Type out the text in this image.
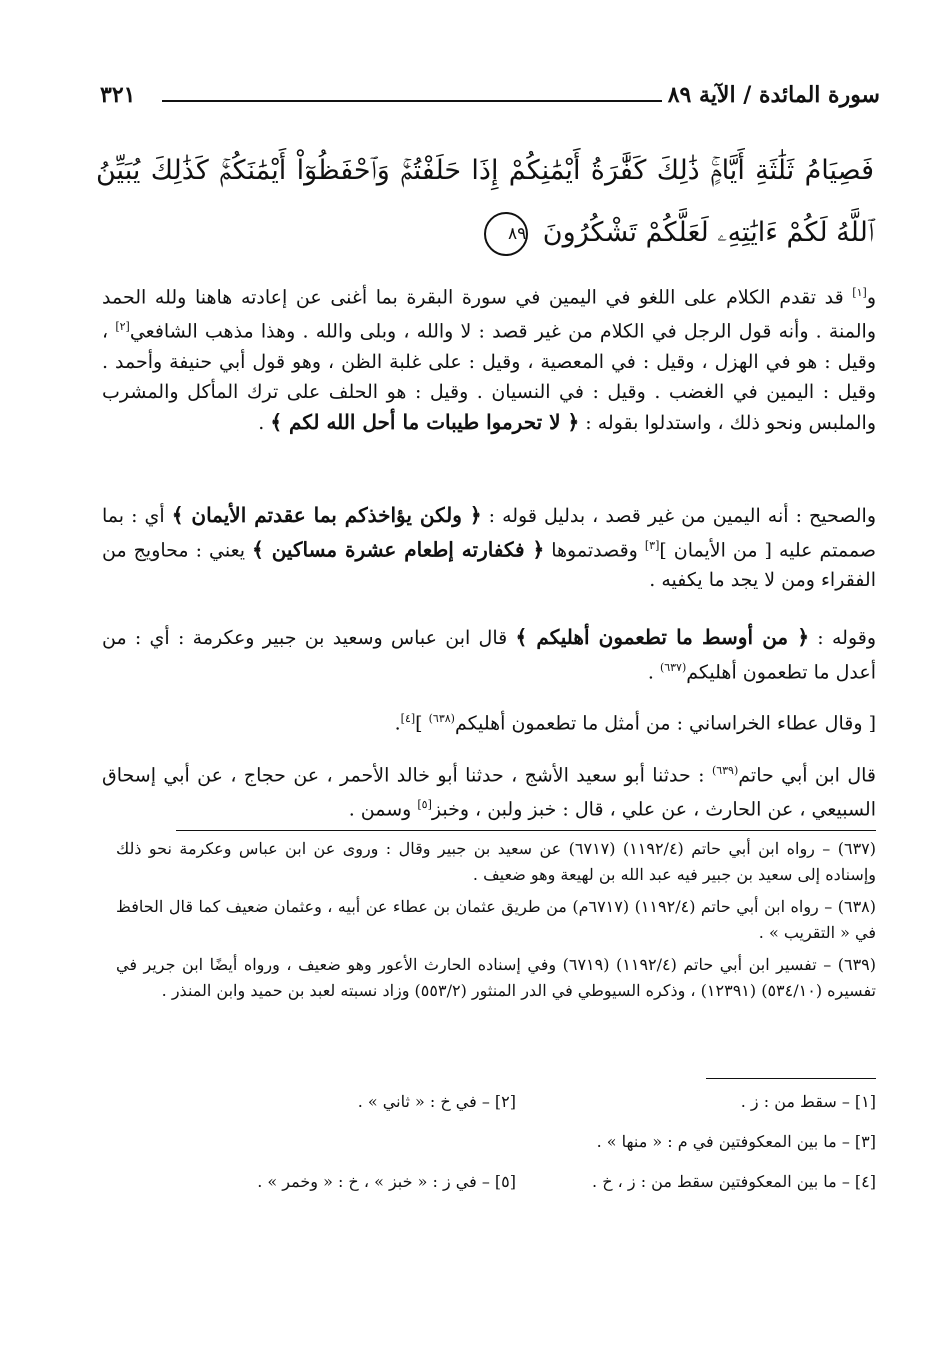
سورة المائدة / الآية ٨٩
٣٢١
فَصِيَامُ ثَلَٰثَةِ أَيَّامٍۚ ذَٰلِكَ كَفَّٰرَةُ أَيْمَٰنِكُمْ إِذَا حَلَفْتُمْۚ وَٱحْفَظُوٓاْ أَيْمَٰنَكُمْۚ كَذَٰلِكَ يُبَيِّنُ ٱللَّهُ لَكُمْ ءَايَٰتِهِۦ لَعَلَّكُمْ تَشْكُرُونَ ٨٩
و[١] قد تقدم الكلام على اللغو في اليمين في سورة البقرة بما أغنى عن إعادته هاهنا ولله الحمد والمنة . وأنه قول الرجل في الكلام من غير قصد : لا والله ، وبلى والله . وهذا مذهب الشافعي[٢] ، وقيل : هو في الهزل ، وقيل : في المعصية ، وقيل : على غلبة الظن ، وهو قول أبي حنيفة وأحمد . وقيل : اليمين في الغضب . وقيل : في النسيان . وقيل : هو الحلف على ترك المأكل والمشرب والملبس ونحو ذلك ، واستدلوا بقوله : ﴿ لا تحرموا طيبات ما أحل الله لكم ﴾ .
والصحيح : أنه اليمين من غير قصد ، بدليل قوله : ﴿ ولكن يؤاخذكم بما عقدتم الأيمان ﴾ أي : بما صممتم عليه [ من الأيمان ][٣] وقصدتموها ﴿ فكفارته إطعام عشرة مساكين ﴾ يعني : محاويج من الفقراء ومن لا يجد ما يكفيه .
وقوله : ﴿ من أوسط ما تطعمون أهليكم ﴾ قال ابن عباس وسعيد بن جبير وعكرمة : أي : من أعدل ما تطعمون أهليكم$^{(٦٣٧)}$ .
[ وقال عطاء الخراساني : من أمثل ما تطعمون أهليكم$^{(٦٣٨)}$ ][٤].
قال ابن أبي حاتم$^{(٦٣٩)}$ : حدثنا أبو سعيد الأشج ، حدثنا أبو خالد الأحمر ، عن حجاج ، عن أبي إسحاق السبيعي ، عن الحارث ، عن علي ، قال : خبز ولبن ، وخبز[٥] وسمن .
(٦٣٧) – رواه ابن أبي حاتم (١١٩٢/٤) (٦٧١٧) عن سعيد بن جبير وقال : وروى عن ابن عباس وعكرمة نحو ذلك وإسناده إلى سعيد بن جبير فيه عبد الله بن لهيعة وهو ضعيف .
(٦٣٨) – رواه ابن أبي حاتم (١١٩٢/٤) (٦٧١٧م) من طريق عثمان بن عطاء عن أبيه ، وعثمان ضعيف كما قال الحافظ في « التقريب » .
(٦٣٩) – تفسير ابن أبي حاتم (١١٩٢/٤) (٦٧١٩) وفي إسناده الحارث الأعور وهو ضعيف ، ورواه أيضًا ابن جرير في تفسيره (٥٣٤/١٠) (١٢٣٩١) ، وذكره السيوطي في الدر المنثور (٥٥٣/٢) وزاد نسبته لعبد بن حميد وابن المنذر .
[١] – سقط من : ز .
[٢] – في خ : « ثاني » .
[٣] – ما بين المعكوفتين في م : « منها » .
[٤] – ما بين المعكوفتين سقط من : ز ، خ .
[٥] – في ز : « خبز » ، خ : « وخمر » .
